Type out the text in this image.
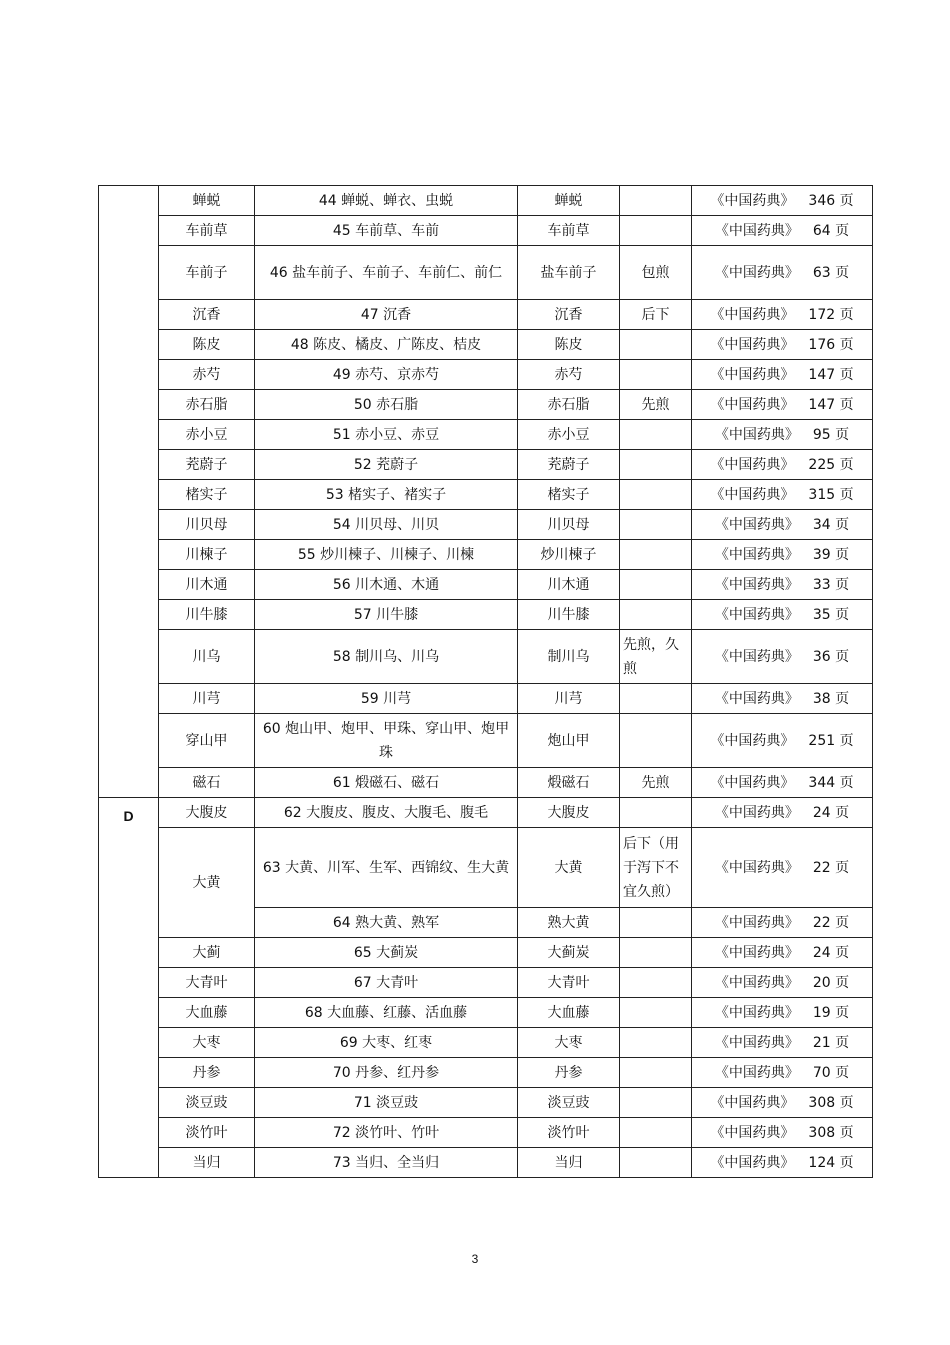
	蝉蜕	44 蝉蜕、蝉衣、虫蜕	蝉蜕		《中国药典》 346 页
	车前草	45 车前草、车前	车前草		《中国药典》 64 页
	车前子	46 盐车前子、车前子、车前仁、前仁	盐车前子	包煎	《中国药典》 63 页
	沉香	47 沉香	沉香	后下	《中国药典》 172 页
	陈皮	48 陈皮、橘皮、广陈皮、桔皮	陈皮		《中国药典》 176 页
	赤芍	49 赤芍、京赤芍	赤芍		《中国药典》 147 页
	赤石脂	50 赤石脂	赤石脂	先煎	《中国药典》 147 页
	赤小豆	51 赤小豆、赤豆	赤小豆		《中国药典》 95 页
	茺蔚子	52 茺蔚子	茺蔚子		《中国药典》 225 页
	楮实子	53 楮实子、褚实子	楮实子		《中国药典》 315 页
	川贝母	54 川贝母、川贝	川贝母		《中国药典》 34 页
	川楝子	55 炒川楝子、川楝子、川楝	炒川楝子		《中国药典》 39 页
	川木通	56 川木通、木通	川木通		《中国药典》 33 页
	川牛膝	57 川牛膝	川牛膝		《中国药典》 35 页
	川乌	58 制川乌、川乌	制川乌	先煎，久煎	《中国药典》 36 页
	川芎	59 川芎	川芎		《中国药典》 38 页
	穿山甲	60 炮山甲、炮甲、甲珠、穿山甲、炮甲珠	炮山甲		《中国药典》 251 页
	磁石	61 煅磁石、磁石	煅磁石	先煎	《中国药典》 344 页
D	大腹皮	62 大腹皮、腹皮、大腹毛、腹毛	大腹皮		《中国药典》 24 页
	大黄	63 大黄、川军、生军、西锦纹、生大黄	大黄	后下（用于泻下不宜久煎）	《中国药典》 22 页
		64 熟大黄、熟军	熟大黄		《中国药典》 22 页
	大蓟	65 大蓟炭	大蓟炭		《中国药典》 24 页
	大青叶	67 大青叶	大青叶		《中国药典》 20 页
	大血藤	68 大血藤、红藤、活血藤	大血藤		《中国药典》 19 页
	大枣	69 大枣、红枣	大枣		《中国药典》 21 页
	丹参	70 丹参、红丹参	丹参		《中国药典》 70 页
	淡豆豉	71 淡豆豉	淡豆豉		《中国药典》 308 页
	淡竹叶	72 淡竹叶、竹叶	淡竹叶		《中国药典》 308 页
	当归	73 当归、全当归	当归		《中国药典》 124 页
3
